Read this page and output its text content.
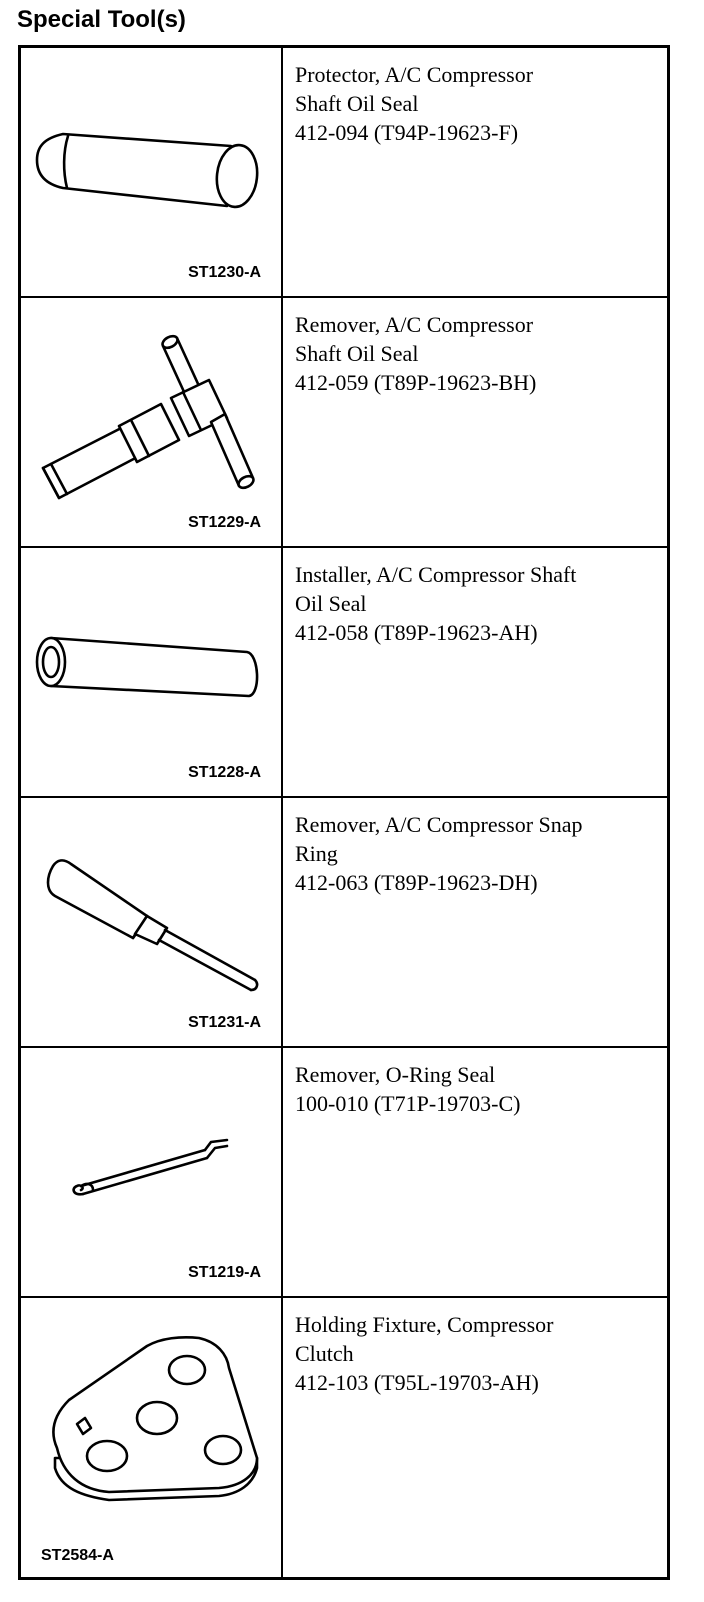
Special Tool(s)
ST1230-A
Protector, A/C Compressor
Shaft Oil Seal
412-094 (T94P-19623-F)
ST1229-A
Remover, A/C Compressor
Shaft Oil Seal
412-059 (T89P-19623-BH)
ST1228-A
Installer, A/C Compressor Shaft
Oil Seal
412-058 (T89P-19623-AH)
ST1231-A
Remover, A/C Compressor Snap
Ring
412-063 (T89P-19623-DH)
ST1219-A
Remover, O-Ring Seal
100-010 (T71P-19703-C)
ST2584-A
Holding Fixture, Compressor
Clutch
412-103 (T95L-19703-AH)
